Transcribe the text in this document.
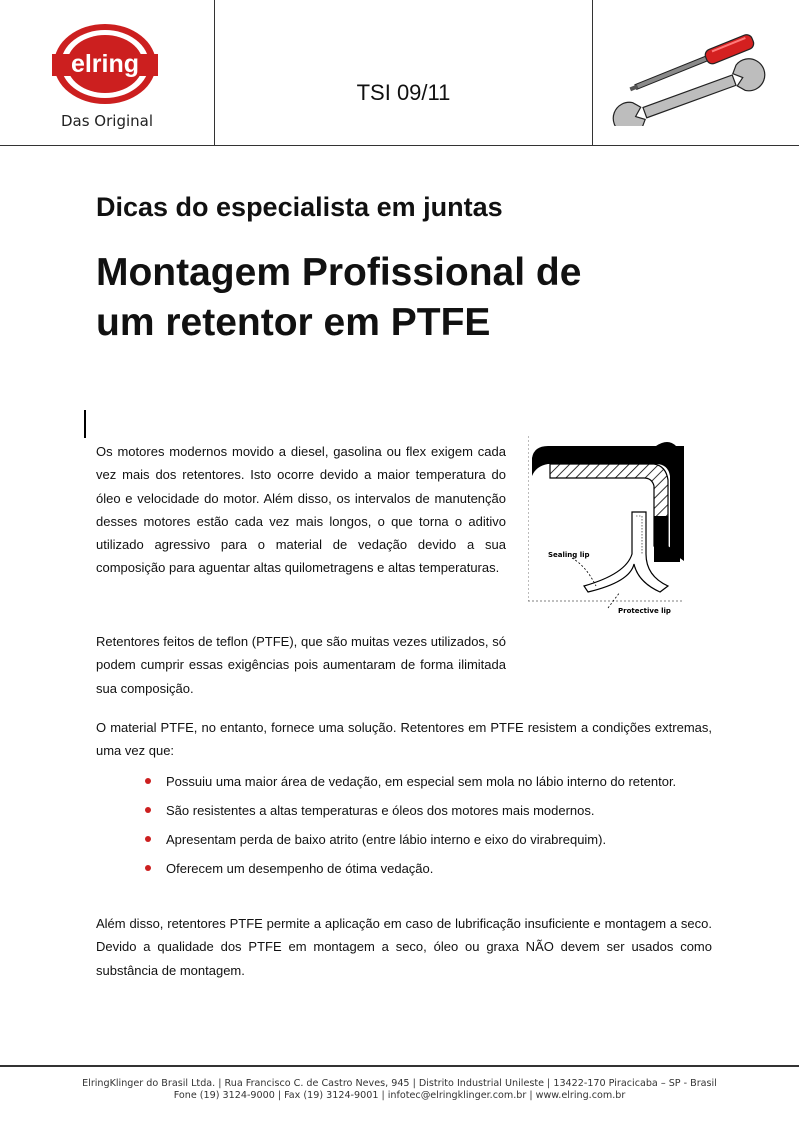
elring
Das Original
TSI 09/11
Dicas do especialista em juntas
Montagem Profissional de
um retentor em PTFE

Os motores modernos movido a diesel, gasolina ou flex exigem cada vez mais dos retentores. Isto ocorre devido a maior temperatura do óleo e velocidade do motor. Além disso, os intervalos de manutenção desses motores estão cada vez mais longos, o que torna o aditivo utilizado agressivo para o material de vedação devido a sua composição para aguentar altas quilometragens e altas temperaturas.

Sealing lip
Protective lip

Retentores feitos de teflon (PTFE), que são muitas vezes utilizados, só podem cumprir essas exigências pois aumentaram de forma ilimitada sua composição.

O material PTFE, no entanto, fornece uma solução. Retentores em PTFE resistem a condições extremas, uma vez que:

Possuiu uma maior área de vedação, em especial sem mola no lábio interno do retentor.
São resistentes a altas temperaturas e óleos dos motores mais modernos.
Apresentam perda de baixo atrito (entre lábio interno e eixo do virabrequim).
Oferecem um desempenho de ótima vedação.

Além disso, retentores PTFE permite a aplicação em caso de lubrificação insuficiente e montagem a seco. Devido a qualidade dos PTFE em montagem a seco, óleo ou graxa NÃO devem ser usados como substância de montagem.

ElringKlinger do Brasil Ltda. | Rua Francisco C. de Castro Neves, 945 | Distrito Industrial Unileste | 13422-170 Piracicaba – SP - Brasil
Fone (19) 3124-9000 | Fax (19) 3124-9001 | infotec@elringklinger.com.br | www.elring.com.br
